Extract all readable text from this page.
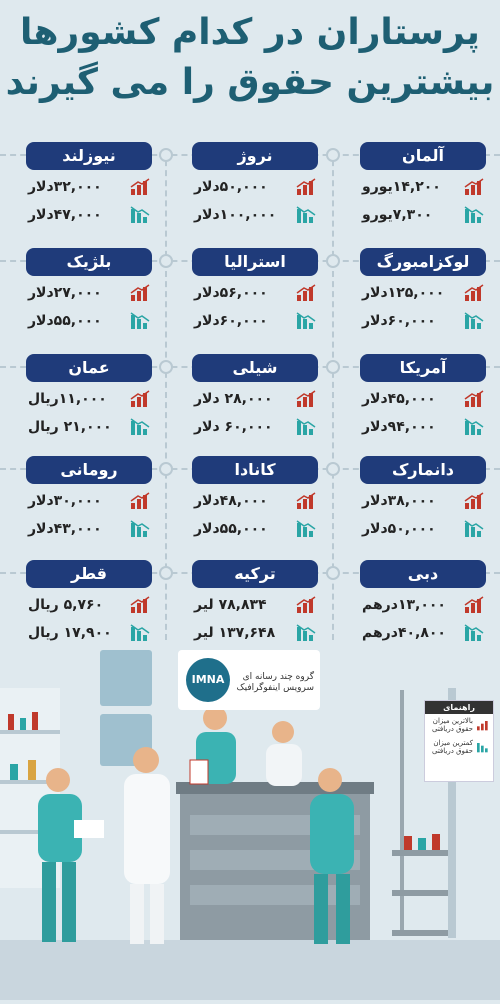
پرستاران در کدام کشورها
بیشترین حقوق را می گیرند
آلمان
۱۴,۲۰۰یورو
۷,۳۰۰یورو
نروژ
۵۰,۰۰۰دلار
۱۰۰,۰۰۰دلار
نیوزلند
۳۲,۰۰۰دلار
۴۷,۰۰۰دلار
لوکزامبورگ
۱۲۵,۰۰۰دلار
۶۰,۰۰۰دلار
استرالیا
۵۶,۰۰۰دلار
۶۰,۰۰۰دلار
بلژیک
۲۷,۰۰۰دلار
۵۵,۰۰۰دلار
آمریکا
۴۵,۰۰۰دلار
۹۴,۰۰۰دلار
شیلی
۲۸,۰۰۰ دلار
۶۰,۰۰۰ دلار
عمان
۱۱,۰۰۰ریال
۲۱,۰۰۰ ریال
دانمارک
۳۸,۰۰۰دلار
۵۰,۰۰۰دلار
کانادا
۴۸,۰۰۰دلار
۵۵,۰۰۰دلار
رومانی
۳۰,۰۰۰دلار
۴۳,۰۰۰دلار
دبی
۱۳,۰۰۰درهم
۴۰,۸۰۰درهم
ترکیه
۷۸,۸۳۴ لیر
۱۳۷,۶۴۸ لیر
قطر
۵,۷۶۰ ریال
۱۷,۹۰۰ ریال
IMNA	گروه چند رسانه ای
سرویس اینفوگرافیک
راهنمای
بالاترین میزان حقوق دریافتی
کمترین میزان حقوق دریافتی
